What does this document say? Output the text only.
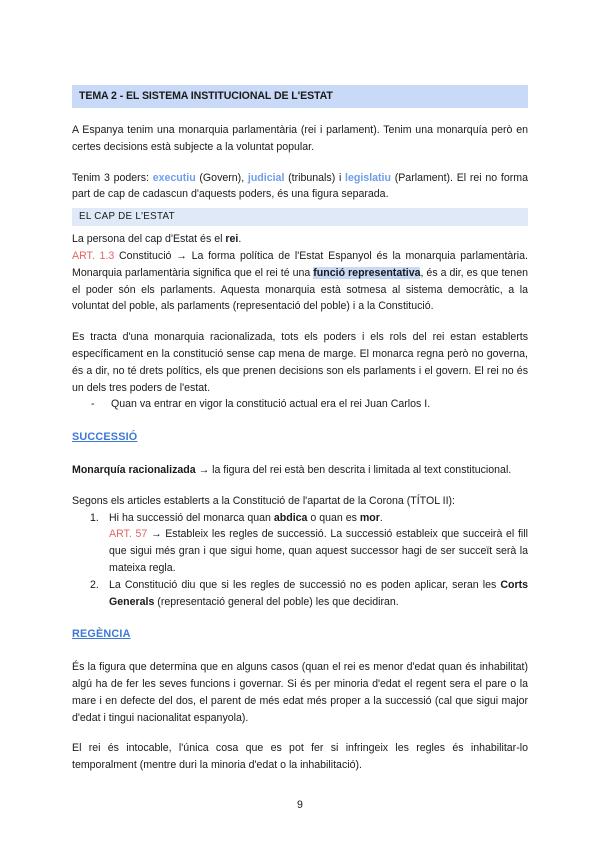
TEMA 2 - EL SISTEMA INSTITUCIONAL DE L'ESTAT

A Espanya tenim una monarquia parlamentària (rei i parlament). Tenim una monarquía però en certes decisions està subjecte a la voluntat popular.

Tenim 3 poders: executiu (Govern), judicial (tribunals) i legislatiu (Parlament). El rei no forma part de cap de cadascun d'aquests poders, és una figura separada.

EL CAP DE L'ESTAT

La persona del cap d'Estat és el rei.

ART. 1.3 Constitució → La forma política de l'Estat Espanyol és la monarquia parlamentària. Monarquia parlamentària significa que el rei té una funció representativa, és a dir, es que tenen el poder són els parlaments. Aquesta monarquia està sotmesa al sistema democràtic, a la voluntat del poble, als parlaments (representació del poble) i a la Constitució.

Es tracta d'una monarquia racionalizada, tots els poders i els rols del rei estan establerts específicament en la constitució sense cap mena de marge. El monarca regna però no governa, és a dir, no té drets polítics, els que prenen decisions son els parlaments i el govern. El rei no és un dels tres poders de l'estat.

-	Quan va entrar en vigor la constitució actual era el rei Juan Carlos I.
SUCCESSIÓ

Monarquía racionalizada → la figura del rei està ben descrita i limitada al text constitucional.

Segons els articles establerts a la Constitució de l'apartat de la Corona (TÍTOL II):

1. Hi ha successió del monarca quan abdica o quan es mor.
ART. 57 → Estableix les regles de successió. La successió estableix que succeirà el fill que sigui més gran i que sigui home, quan aquest successor hagi de ser succeït serà la mateixa regla.
2. La Constitució diu que si les regles de successió no es poden aplicar, seran les Corts Generals (representació general del poble) les que decidiran.
REGÈNCIA

És la figura que determina que en alguns casos (quan el rei es menor d'edat quan és inhabilitat) algú ha de fer les seves funcions i governar. Si és per minoria d'edat el regent sera el pare o la mare i en defecte del dos, el parent de més edat més proper a la successió (cal que sigui major d'edat i tingui nacionalitat espanyola).

El rei és intocable, l'única cosa que es pot fer si infringeix les regles és inhabilitar-lo temporalment (mentre duri la minoria d'edat o la inhabilitació).

9
